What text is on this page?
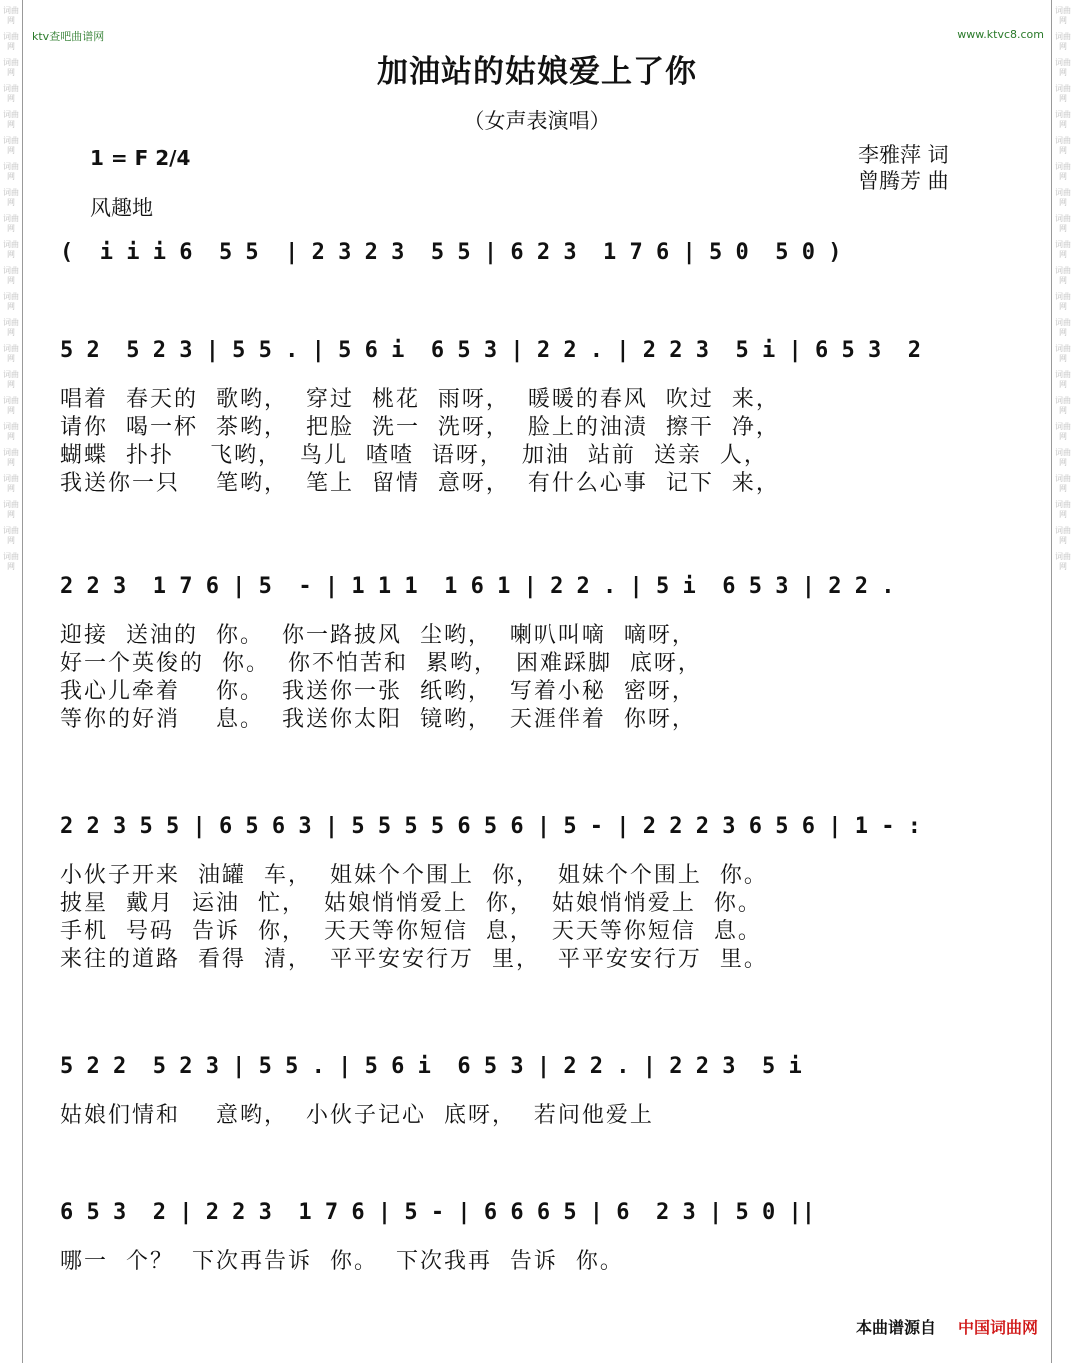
词曲网
词曲网
词曲网
词曲网
词曲网
词曲网
词曲网
词曲网
词曲网
词曲网
词曲网
词曲网
词曲网
词曲网
词曲网
词曲网
词曲网
词曲网
词曲网
词曲网
词曲网
词曲网
词曲网
词曲网
词曲网
词曲网
词曲网
词曲网
词曲网
词曲网
词曲网
词曲网
词曲网
词曲网
词曲网
词曲网
词曲网
词曲网
词曲网
词曲网
词曲网
词曲网
词曲网
词曲网
ktv查吧曲谱网	www.ktvc8.com
加油站的姑娘爱上了你
（女声表演唱）
1 = F 2/4
风趣地
李雅萍 词
曾腾芳 曲
(  i i i 6  5 5  | 2 3 2 3  5 5 | 6 2 3  1 7 6 | 5 0  5 0 )
5 2  5 2 3 | 5 5 . | 5 6 i  6 5 3 | 2 2 . | 2 2 3  5 i | 6 5 3  2
唱着  春天的  歌哟，  穿过  桃花  雨呀，  暖暖的春风  吹过  来，
请你  喝一杯  茶哟，  把脸  洗一  洗呀，  脸上的油渍  擦干  净，
蝴蝶  扑扑    飞哟，  鸟儿  喳喳  语呀，  加油  站前  送亲  人，
我送你一只    笔哟，  笔上  留情  意呀，  有什么心事  记下  来，
2 2 3  1 7 6 | 5  - | 1 1 1  1 6 1 | 2 2 . | 5 i  6 5 3 | 2 2 .
迎接  送油的  你。  你一路披风  尘哟，  喇叭叫嘀  嘀呀，
好一个英俊的  你。  你不怕苦和  累哟，  困难踩脚  底呀，
我心儿牵着    你。  我送你一张  纸哟，  写着小秘  密呀，
等你的好消    息。  我送你太阳  镜哟，  天涯伴着  你呀，
2 2 3 5 5 | 6 5 6 3 | 5 5 5 5 6 5 6 | 5 - | 2 2 2 3 6 5 6 | 1 - :
小伙子开来  油罐  车，  姐妹个个围上  你，  姐妹个个围上  你。
披星  戴月  运油  忙，  姑娘悄悄爱上  你，  姑娘悄悄爱上  你。
手机  号码  告诉  你，  天天等你短信  息，  天天等你短信  息。
来往的道路  看得  清，  平平安安行万  里，  平平安安行万  里。
5 2 2  5 2 3 | 5 5 . | 5 6 i  6 5 3 | 2 2 . | 2 2 3  5 i
姑娘们情和    意哟，  小伙子记心  底呀，  若问他爱上
6 5 3  2 | 2 2 3  1 7 6 | 5 - | 6 6 6 5 | 6  2 3 | 5 0 ||
哪一  个？  下次再告诉  你。  下次我再  告诉  你。
本曲谱源自 中国词曲网
